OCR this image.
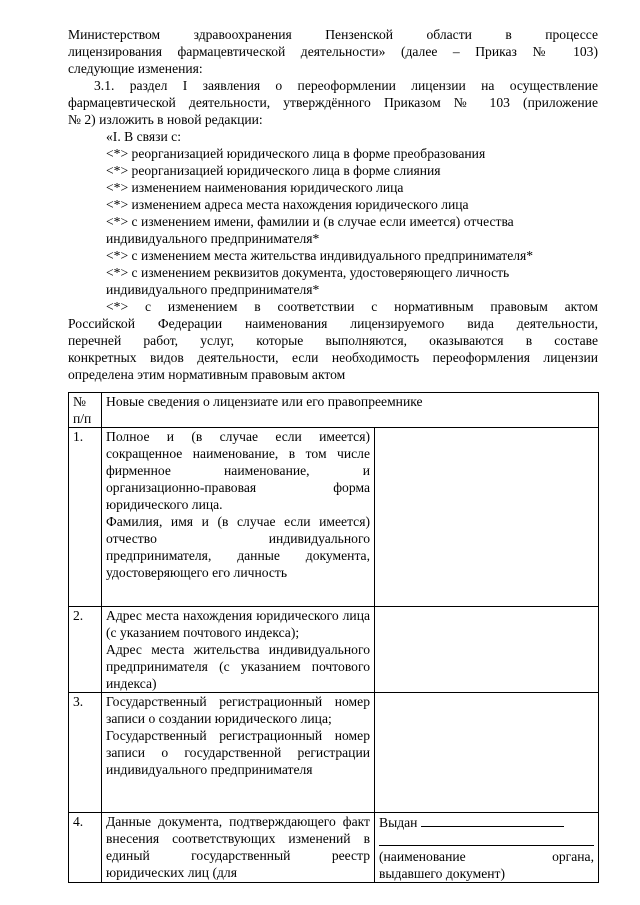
Министерством здравоохранения Пензенской области в процессе

лицензирования фармацевтической деятельности» (далее – Приказ № 103)

следующие изменения:

3.1. раздел I заявления о переоформлении лицензии на осуществление

фармацевтической деятельности, утверждённого Приказом № 103 (приложение

№ 2) изложить в новой редакции:

«I. В связи с:

<*> реорганизацией юридического лица в форме преобразования

<*> реорганизацией юридического лица в форме слияния

<*> изменением наименования юридического лица

<*> изменением адреса места нахождения юридического лица

<*> с изменением имени, фамилии и (в случае если имеется) отчества

индивидуального предпринимателя*

<*> с изменением места жительства индивидуального предпринимателя*

<*> с изменением реквизитов документа, удостоверяющего личность

индивидуального предпринимателя*

<*> с изменением в соответствии с нормативным правовым актом

Российской Федерации наименования лицензируемого вида деятельности,

перечней работ, услуг, которые выполняются, оказываются в составе

конкретных видов деятельности, если необходимость переоформления лицензии

определена этим нормативным правовым актом

№
п/п	Новые сведения о лицензиате или его правопреемнике	
1.	Полное и (в случае если имеется) сокращенное наименование, в том числе фирменное наименование, и организационно-правовая форма юридического лица.
Фамилия, имя и (в случае если имеется) отчество индивидуального предпринимателя, данные документа, удостоверяющего его личность	

2.	Адрес места нахождения юридического лица (с указанием почтового индекса);
Адрес места жительства индивидуального предпринимателя (с указанием почтового индекса)	

3.	Государственный регистрационный номер записи о создании юридического лица;
Государственный регистрационный номер записи о государственной регистрации индивидуального предпринимателя	

4.	Данные документа, подтверждающего факт внесения соответствующих изменений в единый государственный реестр юридических лиц (для	Выдан
(наименование органа,
выдавшего документ)
